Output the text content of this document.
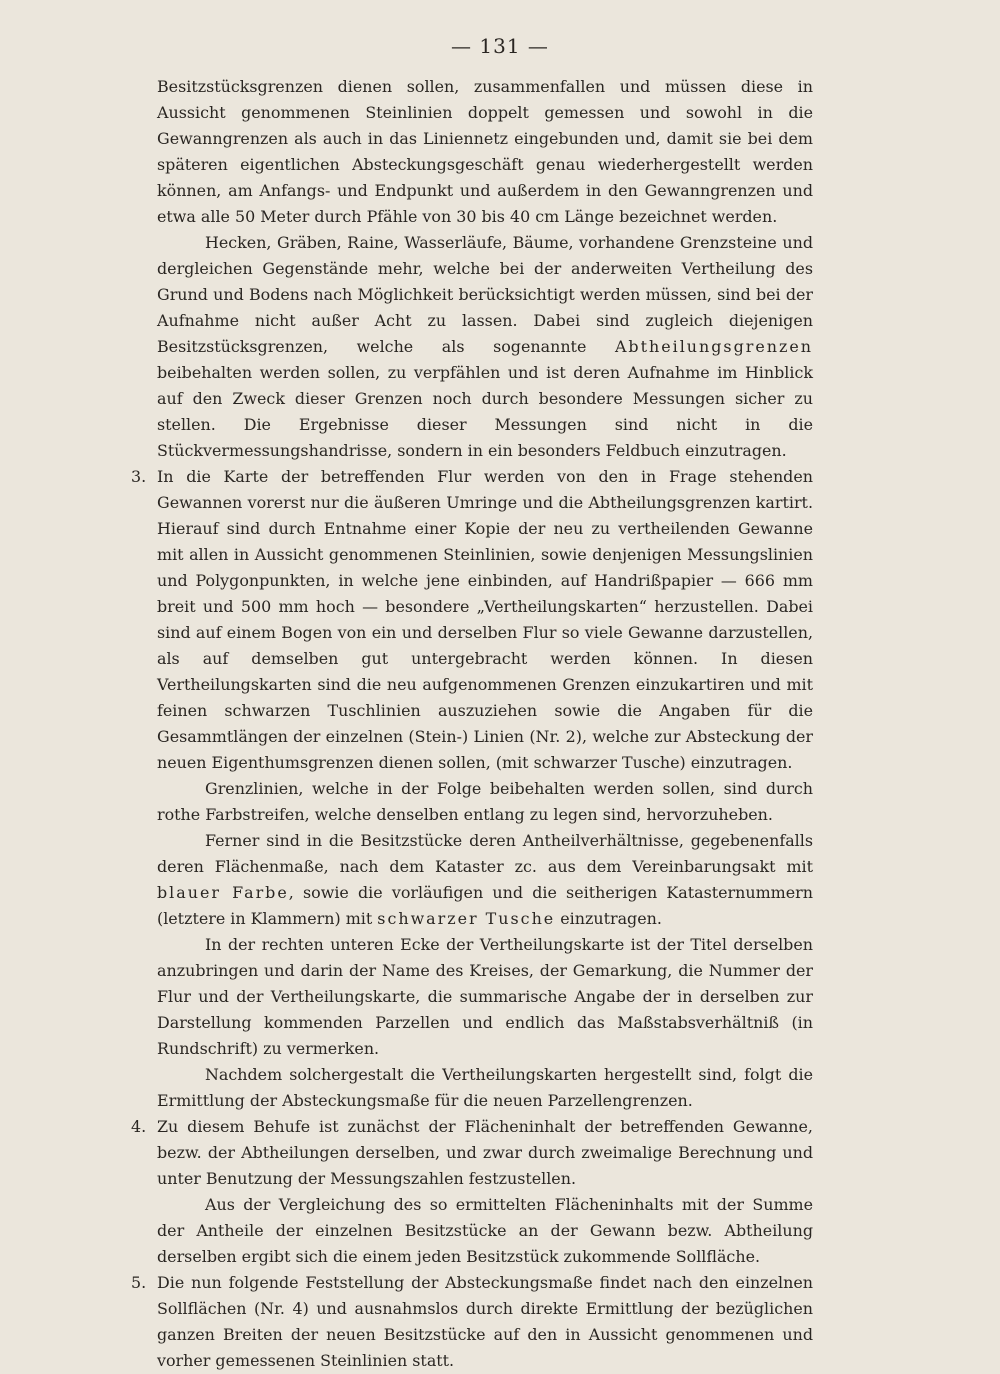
— 131 —

Besitzstücksgrenzen dienen sollen, zusammenfallen und müssen diese in Aussicht genommenen Steinlinien doppelt gemessen und sowohl in die Gewanngrenzen als auch in das Liniennetz eingebunden und, damit sie bei dem späteren eigentlichen Absteckungsgeschäft genau wiederhergestellt werden können, am Anfangs- und Endpunkt und außerdem in den Gewanngrenzen und etwa alle 50 Meter durch Pfähle von 30 bis 40 cm Länge bezeichnet werden.

Hecken, Gräben, Raine, Wasserläufe, Bäume, vorhandene Grenzsteine und dergleichen Gegenstände mehr, welche bei der anderweiten Vertheilung des Grund und Bodens nach Möglichkeit berücksichtigt werden müssen, sind bei der Aufnahme nicht außer Acht zu lassen. Dabei sind zugleich diejenigen Besitzstücksgrenzen, welche als sogenannte Abtheilungsgrenzen beibehalten werden sollen, zu verpfählen und ist deren Aufnahme im Hinblick auf den Zweck dieser Grenzen noch durch besondere Messungen sicher zu stellen. Die Ergebnisse dieser Messungen sind nicht in die Stückvermessungshandrisse, sondern in ein besonders Feldbuch einzutragen.

3. In die Karte der betreffenden Flur werden von den in Frage stehenden Gewannen vorerst nur die äußeren Umringe und die Abtheilungsgrenzen kartirt. Hierauf sind durch Entnahme einer Kopie der neu zu vertheilenden Gewanne mit allen in Aussicht genommenen Steinlinien, sowie denjenigen Messungslinien und Polygonpunkten, in welche jene einbinden, auf Handrißpapier — 666 mm breit und 500 mm hoch — besondere „Vertheilungskarten“ herzustellen. Dabei sind auf einem Bogen von ein und derselben Flur so viele Gewanne darzustellen, als auf demselben gut untergebracht werden können. In diesen Vertheilungskarten sind die neu aufgenommenen Grenzen einzukartiren und mit feinen schwarzen Tuschlinien auszuziehen sowie die Angaben für die Gesammtlängen der einzelnen (Stein-) Linien (Nr. 2), welche zur Absteckung der neuen Eigenthumsgrenzen dienen sollen, (mit schwarzer Tusche) einzutragen.

Grenzlinien, welche in der Folge beibehalten werden sollen, sind durch rothe Farbstreifen, welche denselben entlang zu legen sind, hervorzuheben.

Ferner sind in die Besitzstücke deren Antheilverhältnisse, gegebenenfalls deren Flächenmaße, nach dem Kataster zc. aus dem Vereinbarungsakt mit blauer Farbe, sowie die vorläufigen und die seitherigen Katasternummern (letztere in Klammern) mit schwarzer Tusche einzutragen.

In der rechten unteren Ecke der Vertheilungskarte ist der Titel derselben anzubringen und darin der Name des Kreises, der Gemarkung, die Nummer der Flur und der Vertheilungskarte, die summarische Angabe der in derselben zur Darstellung kommenden Parzellen und endlich das Maßstabsverhältniß (in Rundschrift) zu vermerken.

Nachdem solchergestalt die Vertheilungskarten hergestellt sind, folgt die Ermittlung der Absteckungsmaße für die neuen Parzellengrenzen.

4. Zu diesem Behufe ist zunächst der Flächeninhalt der betreffenden Gewanne, bezw. der Abtheilungen derselben, und zwar durch zweimalige Berechnung und unter Benutzung der Messungszahlen festzustellen.

Aus der Vergleichung des so ermittelten Flächeninhalts mit der Summe der Antheile der einzelnen Besitzstücke an der Gewann bezw. Abtheilung derselben ergibt sich die einem jeden Besitzstück zukommende Sollfläche.

5. Die nun folgende Feststellung der Absteckungsmaße findet nach den einzelnen Sollflächen (Nr. 4) und ausnahmslos durch direkte Ermittlung der bezüglichen ganzen Breiten der neuen Besitzstücke auf den in Aussicht genommenen und vorher gemessenen Steinlinien statt.
